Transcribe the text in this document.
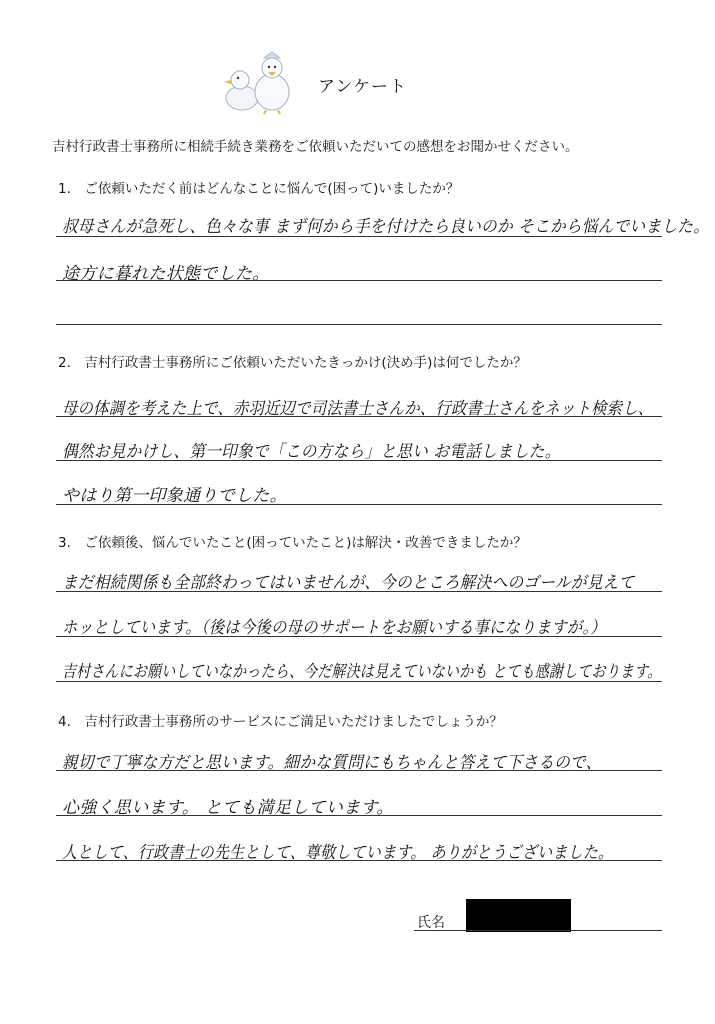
アンケート
吉村行政書士事務所に相続手続き業務をご依頼いただいての感想をお聞かせください。
1.　ご依頼いただく前はどんなことに悩んで(困って)いましたか？
叔母さんが急死し、色々な事 まず何から手を付けたら良いのか そこから悩んでいました。
途方に暮れた状態でした。
2.　吉村行政書士事務所にご依頼いただいたきっかけ(決め手)は何でしたか？
母の体調を考えた上で、赤羽近辺で司法書士さんか、行政書士さんをネット検索し、
偶然お見かけし、第一印象で「この方なら」と思い お電話しました。
やはり第一印象通りでした。
3.　ご依頼後、悩んでいたこと(困っていたこと)は解決・改善できましたか？
まだ相続関係も全部終わってはいませんが、今のところ解決へのゴールが見えて
ホッとしています。（後は今後の母のサポートをお願いする事になりますが。）
吉村さんにお願いしていなかったら、今だ解決は見えていないかも とても感謝しております。
4.　吉村行政書士事務所のサービスにご満足いただけましたでしょうか？
親切で丁寧な方だと思います。細かな質問にもちゃんと答えて下さるので、
心強く思います。 とても満足しています。
人として、行政書士の先生として、尊敬しています。 ありがとうございました。
氏名
